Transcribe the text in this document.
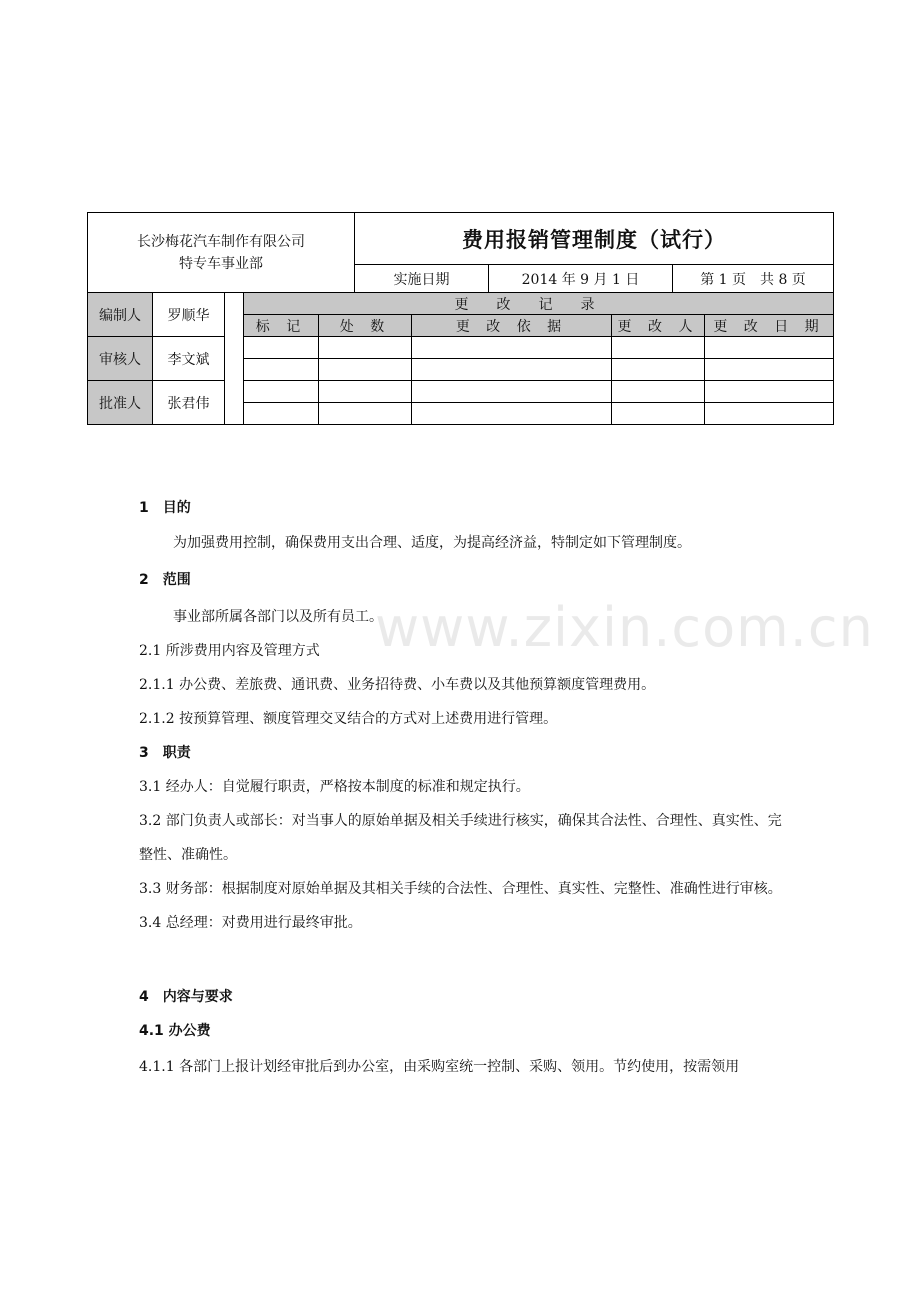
长沙梅花汽车制作有限公司
特专车事业部	费用报销管理制度（试行）		
	实施日期	2014 年 9 月 1 日	第 1 页　共 8 页
编制人	罗顺华		更改记录				
			标 记	处 数	更 改 依 据	更 改 人	更 改 日 期
审核人	李文斌						

批准人	张君伟						

www.zixin.com.cn

1　目的

为加强费用控制，确保费用支出合理、适度，为提高经济益，特制定如下管理制度。

2　范围

事业部所属各部门以及所有员工。

2.1 所涉费用内容及管理方式

2.1.1 办公费、差旅费、通讯费、业务招待费、小车费以及其他预算额度管理费用。

2.1.2 按预算管理、额度管理交叉结合的方式对上述费用进行管理。

3　职责

3.1 经办人：自觉履行职责，严格按本制度的标准和规定执行。

3.2 部门负责人或部长：对当事人的原始单据及相关手续进行核实，确保其合法性、合理性、真实性、完整性、准确性。

3.3 财务部：根据制度对原始单据及其相关手续的合法性、合理性、真实性、完整性、准确性进行审核。

3.4 总经理：对费用进行最终审批。

4　内容与要求

4.1 办公费

4.1.1 各部门上报计划经审批后到办公室，由采购室统一控制、采购、领用。节约使用，按需领用
